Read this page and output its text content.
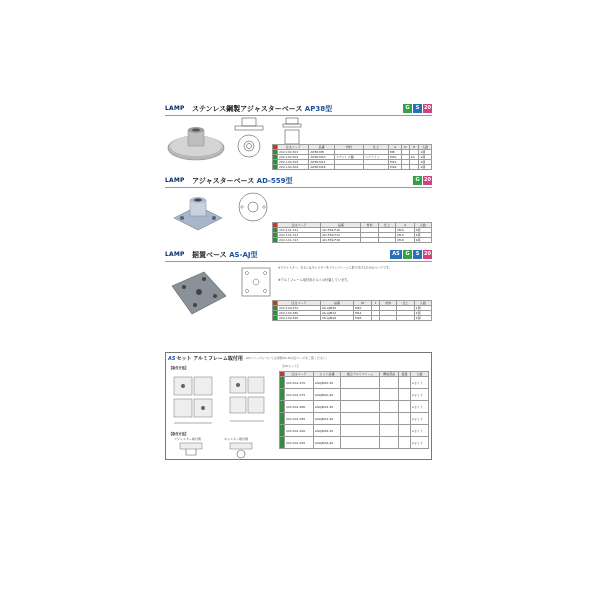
LAMP ステンレス鋼製アジャスターベース AP38型	G	S 20
	注文コード	品番	材料	仕上	A	D	H	入数
	202-140-501	AP38-M8			M8			1個
	202-140-502	AP38-M10	ステンレス鋼	ヘアライン	M10		10	1個
	202-140-503	AP38-M12			M12			1個
	202-140-504	AP38-M16			M16			1個
LAMP アジャスターベース AD-559型	G 20
	注文コード	品番	材料	仕上	d	入数
	202-141-311	AD-559-F10			M10	1個
	202-141-312	AD-559-F12			M12	1個
	202-141-313	AD-559-F16			M16	1個
LAMP 据置ベース AS-AJ型	AS	G	S 20
※アジャスター、あるいはキャスターをアルミフレームに取り付けるためのベースです。
※アルミフレーム取付用ボルトは付属しています。
	注文コード	品番	M	t	材料	仕上	入数
	202-140-470	AS-AJM10	M10				1個
	202-140-480	AS-AJM12	M12				1個
	202-140-490	AS-AJM16	M16				1個
ASセット アルミフレーム取付用 ASシリーズについては別冊AS-Hの各ページをご覧ください。
【ASセット】
【取付方法】
【取付方法】
アジャスター取付例	キャスター取付例
	注文コード	セット品番	適合アルミフレーム	構成部品	数量	入数
	202-041-470	ASAJM10-30				1セット
	202-041-475	ASAJM10-40				1セット
	202-041-480	ASAJM12-30				1セット
	202-041-485	ASAJM12-40				1セット
	202-041-490	ASAJM16-30				1セット
	202-041-495	ASAJM16-40				1セット
